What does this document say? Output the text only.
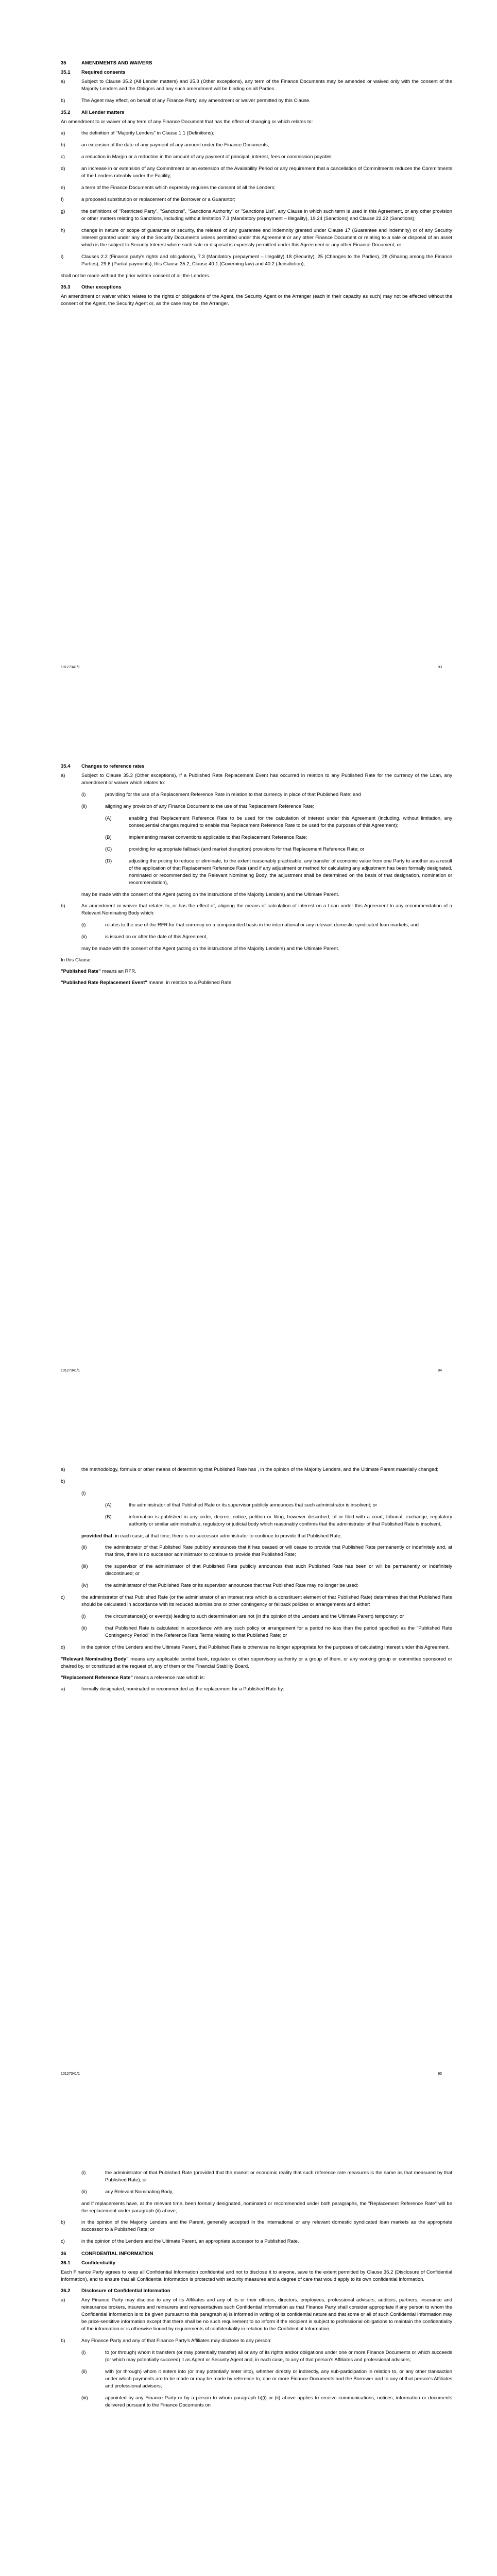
35	AMENDMENTS AND WAIVERS
35.1	Required consents
a)	Subject to Clause 35.2 (All Lender matters) and 35.3 (Other exceptions), any term of the Finance Documents may be amended or waived only with the consent of the Majority Lenders and the Obligors and any such amendment will be binding on all Parties.
b)	The Agent may effect, on behalf of any Finance Party, any amendment or waiver permitted by this Clause.
35.2	All Lender matters

An amendment to or waiver of any term of any Finance Document that has the effect of changing or which relates to:

a)	the definition of "Majority Lenders" in Clause 1.1 (Definitions);
b)	an extension of the date of any payment of any amount under the Finance Documents;
c)	a reduction in Margin or a reduction in the amount of any payment of principal, interest, fees or commission payable;
d)	an increase in or extension of any Commitment or an extension of the Availability Period or any requirement that a cancellation of Commitments reduces the Commitments of the Lenders rateably under the Facility;
e)	a term of the Finance Documents which expressly requires the consent of all the Lenders;
f)	a proposed substitution or replacement of the Borrower or a Guarantor;
g)	the definitions of "Restricted Party", "Sanctions", "Sanctions Authority" or "Sanctions List", any Clause in which such term is used in this Agreement, or any other provision or other matters relating to Sanctions, including without limitation 7.3 (Mandatory prepayment – Illegality), 19.24 (Sanctions) and Clause 22.22 (Sanctions);
h)	change in nature or scope of guarantee or security, the release of any guarantee and indemnity granted under Clause 17 (Guarantee and indemnity) or of any Security Interest granted under any of the Security Documents unless permitted under this Agreement or any other Finance Document or relating to a sale or disposal of an asset which is the subject to Security Interest where such sale or disposal is expressly permitted under this Agreement or any other Finance Document; or
i)	Clauses 2.2 (Finance party's rights and obligations), 7.3 (Mandatory prepayment – Illegality) 18 (Security), 25 (Changes to the Parties), 28 (Sharing among the Finance Parties), 29.6 (Partial payments), this Clause 35.2, Clause 40.1 (Governing law) and 40.2 (Jurisdiction),

shall not be made without the prior written consent of all the Lenders.

35.3	Other exceptions

An amendment or waiver which relates to the rights or obligations of the Agent, the Security Agent or the Arranger (each in their capacity as such) may not be effected without the consent of the Agent, the Security Agent or, as the case may be, the Arranger.

10127341/1	93
35.4	Changes to reference rates
a)	Subject to Clause 35.3 (Other exceptions), if a Published Rate Replacement Event has occurred in relation to any Published Rate for the currency of the Loan, any amendment or waiver which relates to:
(i)	providing for the use of a Replacement Reference Rate in relation to that currency in place of that Published Rate; and
(ii)	aligning any provision of any Finance Document to the use of that Replacement Reference Rate;
(A)	enabling that Replacement Reference Rate to be used for the calculation of interest under this Agreement (including, without limitation, any consequential changes required to enable that Replacement Reference Rate to be used for the purposes of this Agreement);
(B)	implementing market conventions applicable to that Replacement Reference Rate;
(C)	providing for appropriate fallback (and market disruption) provisions for that Replacement Reference Rate; or
(D)	adjusting the pricing to reduce or eliminate, to the extent reasonably practicable, any transfer of economic value from one Party to another as a result of the application of that Replacement Reference Rate (and if any adjustment or method for calculating any adjustment has been formally designated, nominated or recommended by the Relevant Nominating Body, the adjustment shall be determined on the basis of that designation, nomination or recommendation),

may be made with the consent of the Agent (acting on the instructions of the Majority Lenders) and the Ultimate Parent.

b)	An amendment or waiver that relates to, or has the effect of, aligning the means of calculation of interest on a Loan under this Agreement to any recommendation of a Relevant Nominating Body which:
(i)	relates to the use of the RFR for that currency on a compounded basis in the international or any relevant domestic syndicated loan markets; and
(ii)	is issued on or after the date of this Agreement,

may be made with the consent of the Agent (acting on the instructions of the Majority Lenders) and the Ultimate Parent.

In this Clause:

"Published Rate" means an RFR.

"Published Rate Replacement Event" means, in relation to a Published Rate:

10127341/1	94
a)	the methodology, formula or other means of determining that Published Rate has , in the opinion of the Majority Lenders, and the Ultimate Parent materially changed;
b)
(i)
(A)	the administrator of that Published Rate or its supervisor publicly announces that such administrator is insolvent; or
(B)	information is published in any order, decree, notice, petition or filing, however described, of or filed with a court, tribunal, exchange, regulatory authority or similar administrative, regulatory or judicial body which reasonably confirms that the administrator of that Published Rate is insolvent,

provided that, in each case, at that time, there is no successor administrator to continue to provide that Published Rate;

(ii)	the administrator of that Published Rate publicly announces that it has ceased or will cease to provide that Published Rate permanently or indefinitely and, at that time, there is no successor administrator to continue to provide that Published Rate;
(iii)	the supervisor of the administrator of that Published Rate publicly announces that such Published Rate has been or will be permanently or indefinitely discontinued; or
(iv)	the administrator of that Published Rate or its supervisor announces that that Published Rate may no longer be used;
c)	the administrator of that Published Rate (or the administrator of an interest rate which is a constituent element of that Published Rate) determines that that Published Rate should be calculated in accordance with its reduced submissions or other contingency or fallback policies or arrangements and either:
(i)	the circumstance(s) or event(s) leading to such determination are not (in the opinion of the Lenders and the Ultimate Parent) temporary; or
(ii)	that Published Rate is calculated in accordance with any such policy or arrangement for a period no less than the period specified as the "Published Rate Contingency Period" in the Reference Rate Terms relating to that Published Rate; or
d)	in the opinion of the Lenders and the Ultimate Parent, that Published Rate is otherwise no longer appropriate for the purposes of calculating interest under this Agreement.

"Relevant Nominating Body" means any applicable central bank, regulator or other supervisory authority or a group of them, or any working group or committee sponsored or chaired by, or constituted at the request of, any of them or the Financial Stability Board.

"Replacement Reference Rate" means a reference rate which is:

a)	formally designated, nominated or recommended as the replacement for a Published Rate by:
10127341/1	95
(i)	the administrator of that Published Rate (provided that the market or economic reality that such reference rate measures is the same as that measured by that Published Rate); or
(ii)	any Relevant Nominating Body,

and if replacements have, at the relevant time, been formally designated, nominated or recommended under both paragraphs, the "Replacement Reference Rate" will be the replacement under paragraph (ii) above;

b)	in the opinion of the Majority Lenders and the Parent, generally accepted in the international or any relevant domestic syndicated loan markets as the appropriate successor to a Published Rate; or
c)	in the opinion of the Lenders and the Ultimate Parent, an appropriate successor to a Published Rate.
36	CONFIDENTIAL INFORMATION
36.1	Confidentiality

Each Finance Party agrees to keep all Confidential Information confidential and not to disclose it to anyone, save to the extent permitted by Clause 36.2 (Disclosure of Confidential Information), and to ensure that all Confidential Information is protected with security measures and a degree of care that would apply to its own confidential information.

36.2	Disclosure of Confidential Information
a)	Any Finance Party may disclose to any of its Affiliates and any of its or their officers, directors, employees, professional advisers, auditors, partners, insurance and reinsurance brokers, insurers and reinsurers and representatives such Confidential Information as that Finance Party shall consider appropriate if any person to whom the Confidential Information is to be given pursuant to this paragraph a) is informed in writing of its confidential nature and that some or all of such Confidential Information may be price-sensitive information except that there shall be no such requirement to so inform if the recipient is subject to professional obligations to maintain the confidentiality of the information or is otherwise bound by requirements of confidentiality in relation to the Confidential Information;
b)	Any Finance Party and any of that Finance Party's Affiliates may disclose to any person:
(i)	to (or through) whom it transfers (or may potentially transfer) all or any of its rights and/or obligations under one or more Finance Documents or which succeeds (or which may potentially succeed) it as Agent or Security Agent and, in each case, to any of that person's Affiliates and professional advisers;
(ii)	with (or through) whom it enters into (or may potentially enter into), whether directly or indirectly, any sub-participation in relation to, or any other transaction under which payments are to be made or may be made by reference to, one or more Finance Documents and the Borrower and to any of that person's Affiliates and professional advisers;
(iii)	appointed by any Finance Party or by a person to whom paragraph b)(i) or (ii) above applies to receive communications, notices, information or documents delivered pursuant to the Finance Documents on
